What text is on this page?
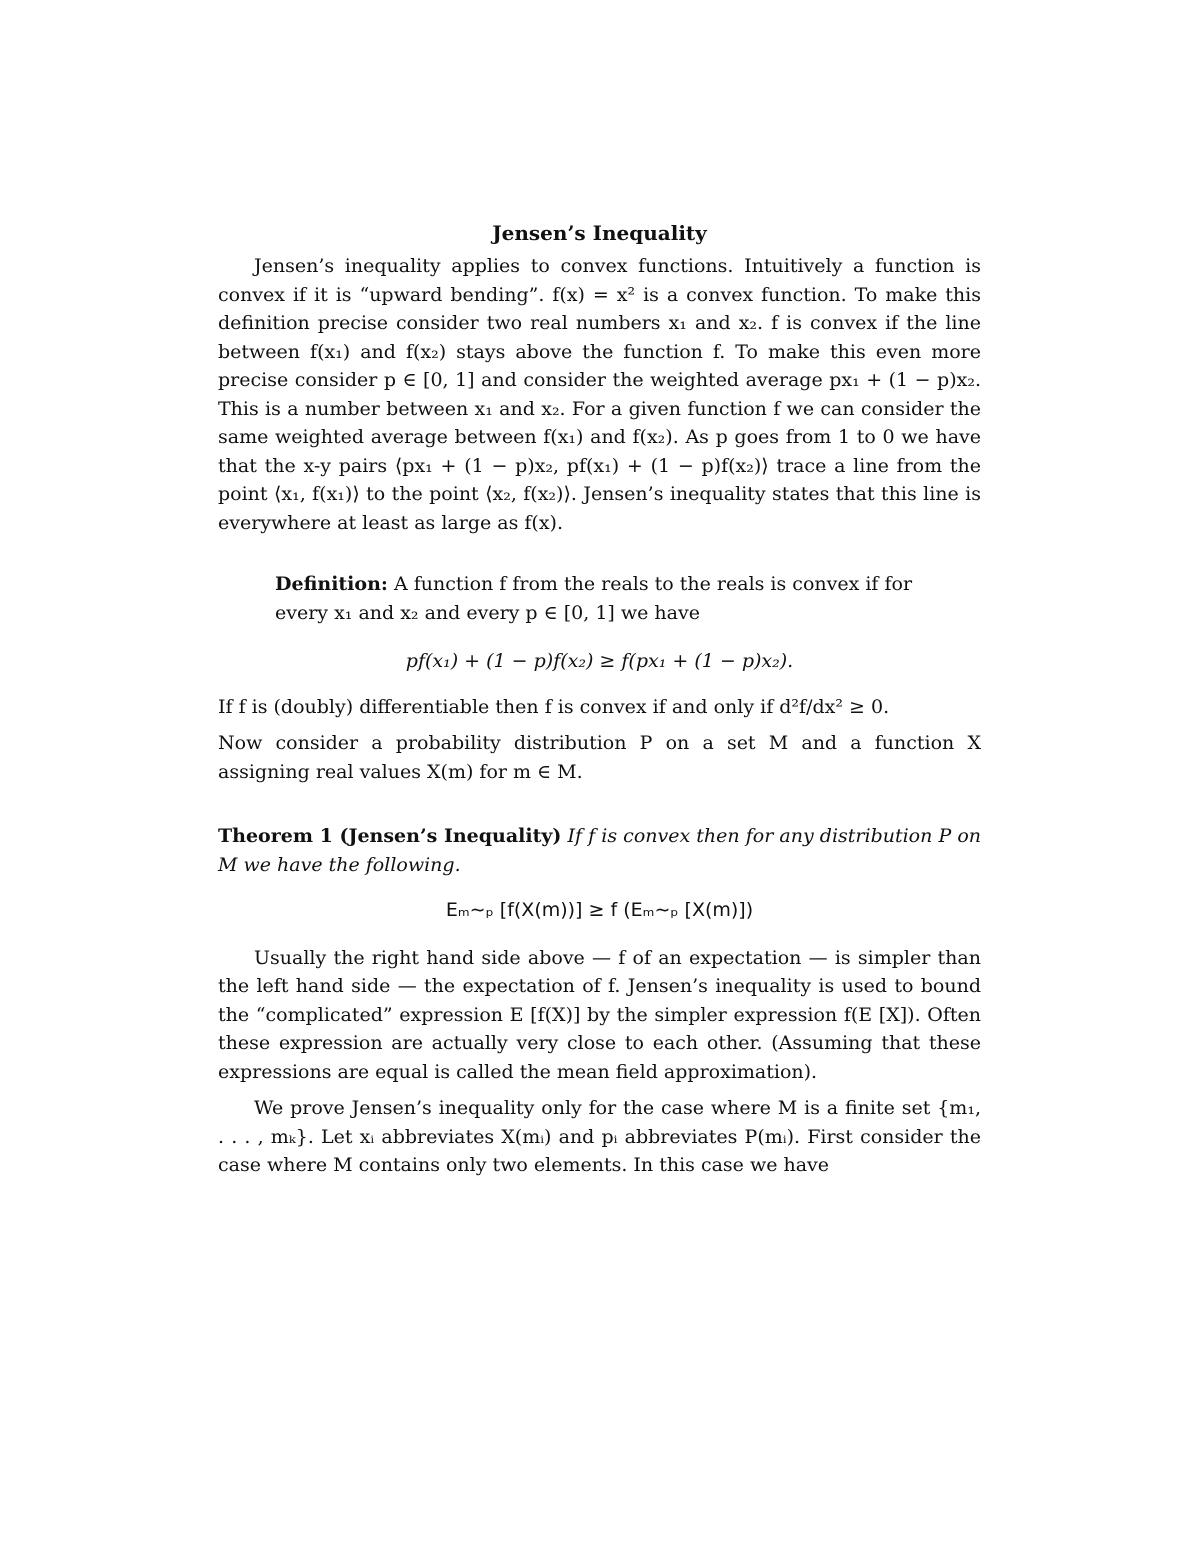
Jensen’s Inequality

Jensen’s inequality applies to convex functions. Intuitively a function is convex if it is “upward bending”. f(x) = x² is a convex function. To make this definition precise consider two real numbers x₁ and x₂. f is convex if the line between f(x₁) and f(x₂) stays above the function f. To make this even more precise consider p ∈ [0, 1] and consider the weighted average px₁ + (1 − p)x₂. This is a number between x₁ and x₂. For a given function f we can consider the same weighted average between f(x₁) and f(x₂). As p goes from 1 to 0 we have that the x-y pairs ⟨px₁ + (1 − p)x₂, pf(x₁) + (1 − p)f(x₂)⟩ trace a line from the point ⟨x₁, f(x₁)⟩ to the point ⟨x₂, f(x₂)⟩. Jensen’s inequality states that this line is everywhere at least as large as f(x).

Definition: A function f from the reals to the reals is convex if for every x₁ and x₂ and every p ∈ [0, 1] we have

pf(x₁) + (1 − p)f(x₂) ≥ f(px₁ + (1 − p)x₂).

If f is (doubly) differentiable then f is convex if and only if d²f/dx² ≥ 0.

Now consider a probability distribution P on a set M and a function X assigning real values X(m) for m ∈ M.

Theorem 1 (Jensen’s Inequality) If f is convex then for any distribution P on M we have the following.

Eₘ∼ₚ [f(X(m))] ≥ f (Eₘ∼ₚ [X(m)])

Usually the right hand side above — f of an expectation — is simpler than the left hand side — the expectation of f. Jensen’s inequality is used to bound the “complicated” expression E [f(X)] by the simpler expression f(E [X]). Often these expression are actually very close to each other. (Assuming that these expressions are equal is called the mean field approximation).

We prove Jensen’s inequality only for the case where M is a finite set {m₁, . . . , mₖ}. Let xᵢ abbreviates X(mᵢ) and pᵢ abbreviates P(mᵢ). First consider the case where M contains only two elements. In this case we have
